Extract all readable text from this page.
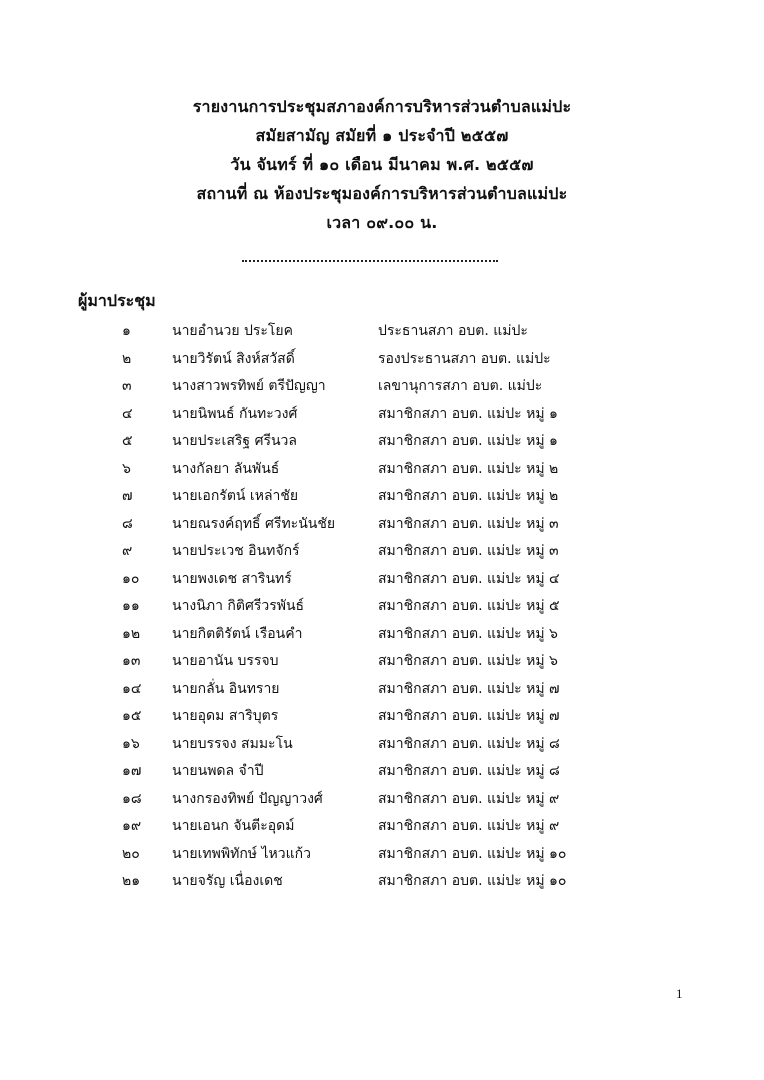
รายงานการประชุมสภาองค์การบริหารส่วนตำบลแม่ปะ
สมัยสามัญ สมัยที่ ๑ ประจำปี ๒๕๕๗
วัน จันทร์ ที่ ๑๐ เดือน มีนาคม พ.ศ. ๒๕๕๗
สถานที่ ณ ห้องประชุมองค์การบริหารส่วนตำบลแม่ปะ
เวลา ๐๙.๐๐ น.
ผู้มาประชุม
๑	นายอำนวย ประโยค	ประธานสภา อบต. แม่ปะ
๒	นายวิรัตน์ สิงห์สวัสดิ์	รองประธานสภา อบต. แม่ปะ
๓	นางสาวพรทิพย์ ตรีปัญญา	เลขานุการสภา อบต. แม่ปะ
๔	นายนิพนธ์ กันทะวงศ์	สมาชิกสภา อบต. แม่ปะ หมู่ ๑
๕	นายประเสริฐ ศรีนวล	สมาชิกสภา อบต. แม่ปะ หมู่ ๑
๖	นางกัลยา ลันพันธ์	สมาชิกสภา อบต. แม่ปะ หมู่ ๒
๗	นายเอกรัตน์ เหล่าชัย	สมาชิกสภา อบต. แม่ปะ หมู่ ๒
๘	นายณรงค์ฤทธิ์ ศรีทะนันชัย	สมาชิกสภา อบต. แม่ปะ หมู่ ๓
๙	นายประเวช อินทจักร์	สมาชิกสภา อบต. แม่ปะ หมู่ ๓
๑๐	นายพงเดช สารินทร์	สมาชิกสภา อบต. แม่ปะ หมู่ ๔
๑๑	นางนิภา กิติศรีวรพันธ์	สมาชิกสภา อบต. แม่ปะ หมู่ ๕
๑๒	นายกิตติรัตน์ เรือนคำ	สมาชิกสภา อบต. แม่ปะ หมู่ ๖
๑๓	นายอานัน บรรจบ	สมาชิกสภา อบต. แม่ปะ หมู่ ๖
๑๔	นายกลั่น อินทราย	สมาชิกสภา อบต. แม่ปะ หมู่ ๗
๑๕	นายอุดม สาริบุตร	สมาชิกสภา อบต. แม่ปะ หมู่ ๗
๑๖	นายบรรจง สมมะโน	สมาชิกสภา อบต. แม่ปะ หมู่ ๘
๑๗	นายนพดล จำปี	สมาชิกสภา อบต. แม่ปะ หมู่ ๘
๑๘	นางกรองทิพย์ ปัญญาวงศ์	สมาชิกสภา อบต. แม่ปะ หมู่ ๙
๑๙	นายเอนก จันตีะอุดม์	สมาชิกสภา อบต. แม่ปะ หมู่ ๙
๒๐	นายเทพพิทักษ์ ไหวแก้ว	สมาชิกสภา อบต. แม่ปะ หมู่ ๑๐
๒๑	นายจรัญ เนื่องเดช	สมาชิกสภา อบต. แม่ปะ หมู่ ๑๐
1
